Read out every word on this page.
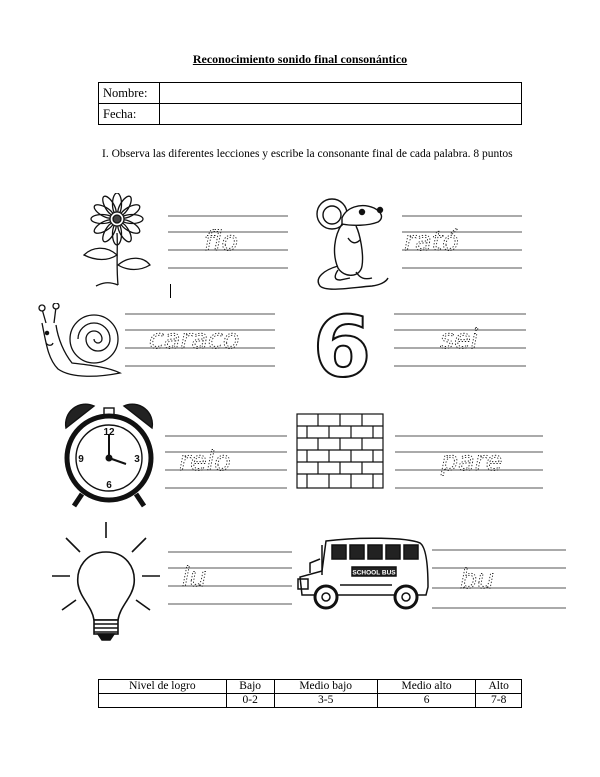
Reconocimiento sonido final consonántico
Nombre:	
Fecha:	
I. Observa las diferentes lecciones y escribe la consonante final de cada palabra. 8 puntos
flo	rató
caraco 6	sei
12
3
6
9	relo	pare
lu	SCHOOL BUS bu
Nivel de logro	Bajo	Medio bajo	Medio alto	Alto
	0-2	3-5	6	7-8
